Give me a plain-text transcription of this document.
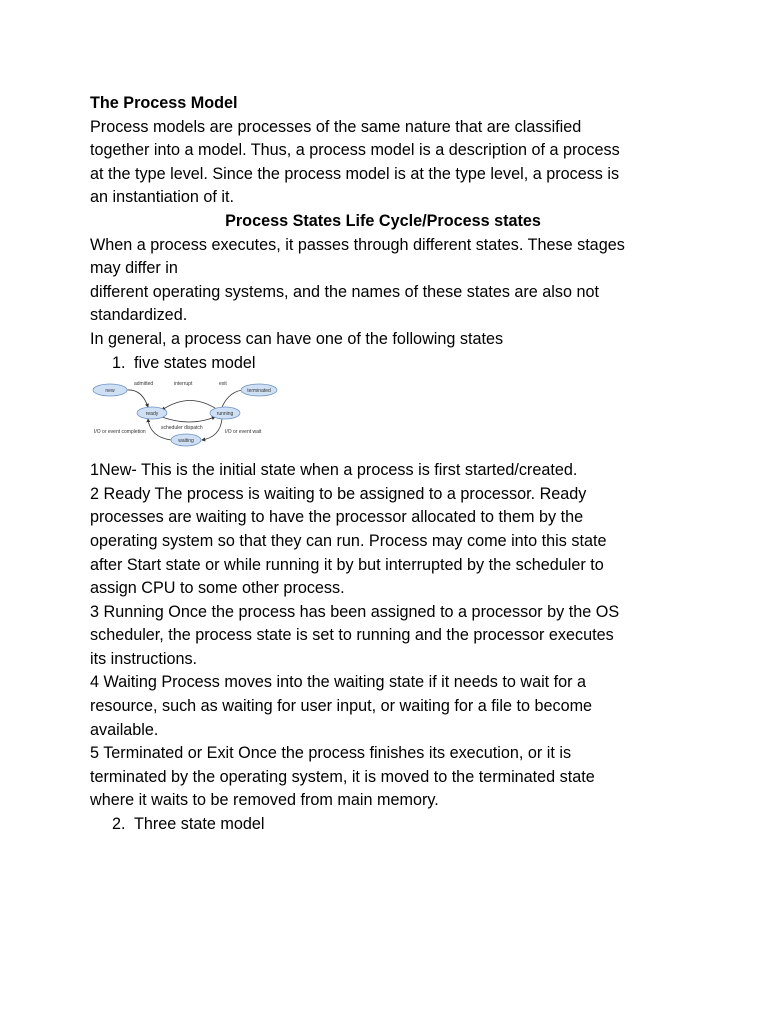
The Process Model
Process models are processes of the same nature that are classified
together into a model. Thus, a process model is a description of a process
at the type level. Since the process model is at the type level, a process is
an instantiation of it.
Process States Life Cycle/Process states
When a process executes, it passes through different states. These stages
may differ in
different operating systems, and the names of these states are also not
standardized.
In general, a process can have one of the following states
1. five states model
new	terminated
ready	running
waiting
admitted	interrupt	exit
scheduler dispatch
I/O or event completion	I/O or event wait
1New- This is the initial state when a process is first started/created.
2 Ready The process is waiting to be assigned to a processor. Ready
processes are waiting to have the processor allocated to them by the
operating system so that they can run. Process may come into this state
after Start state or while running it by but interrupted by the scheduler to
assign CPU to some other process.
3 Running Once the process has been assigned to a processor by the OS
scheduler, the process state is set to running and the processor executes
its instructions.
4 Waiting Process moves into the waiting state if it needs to wait for a
resource, such as waiting for user input, or waiting for a file to become
available.
5 Terminated or Exit Once the process finishes its execution, or it is
terminated by the operating system, it is moved to the terminated state
where it waits to be removed from main memory.
2. Three state model
